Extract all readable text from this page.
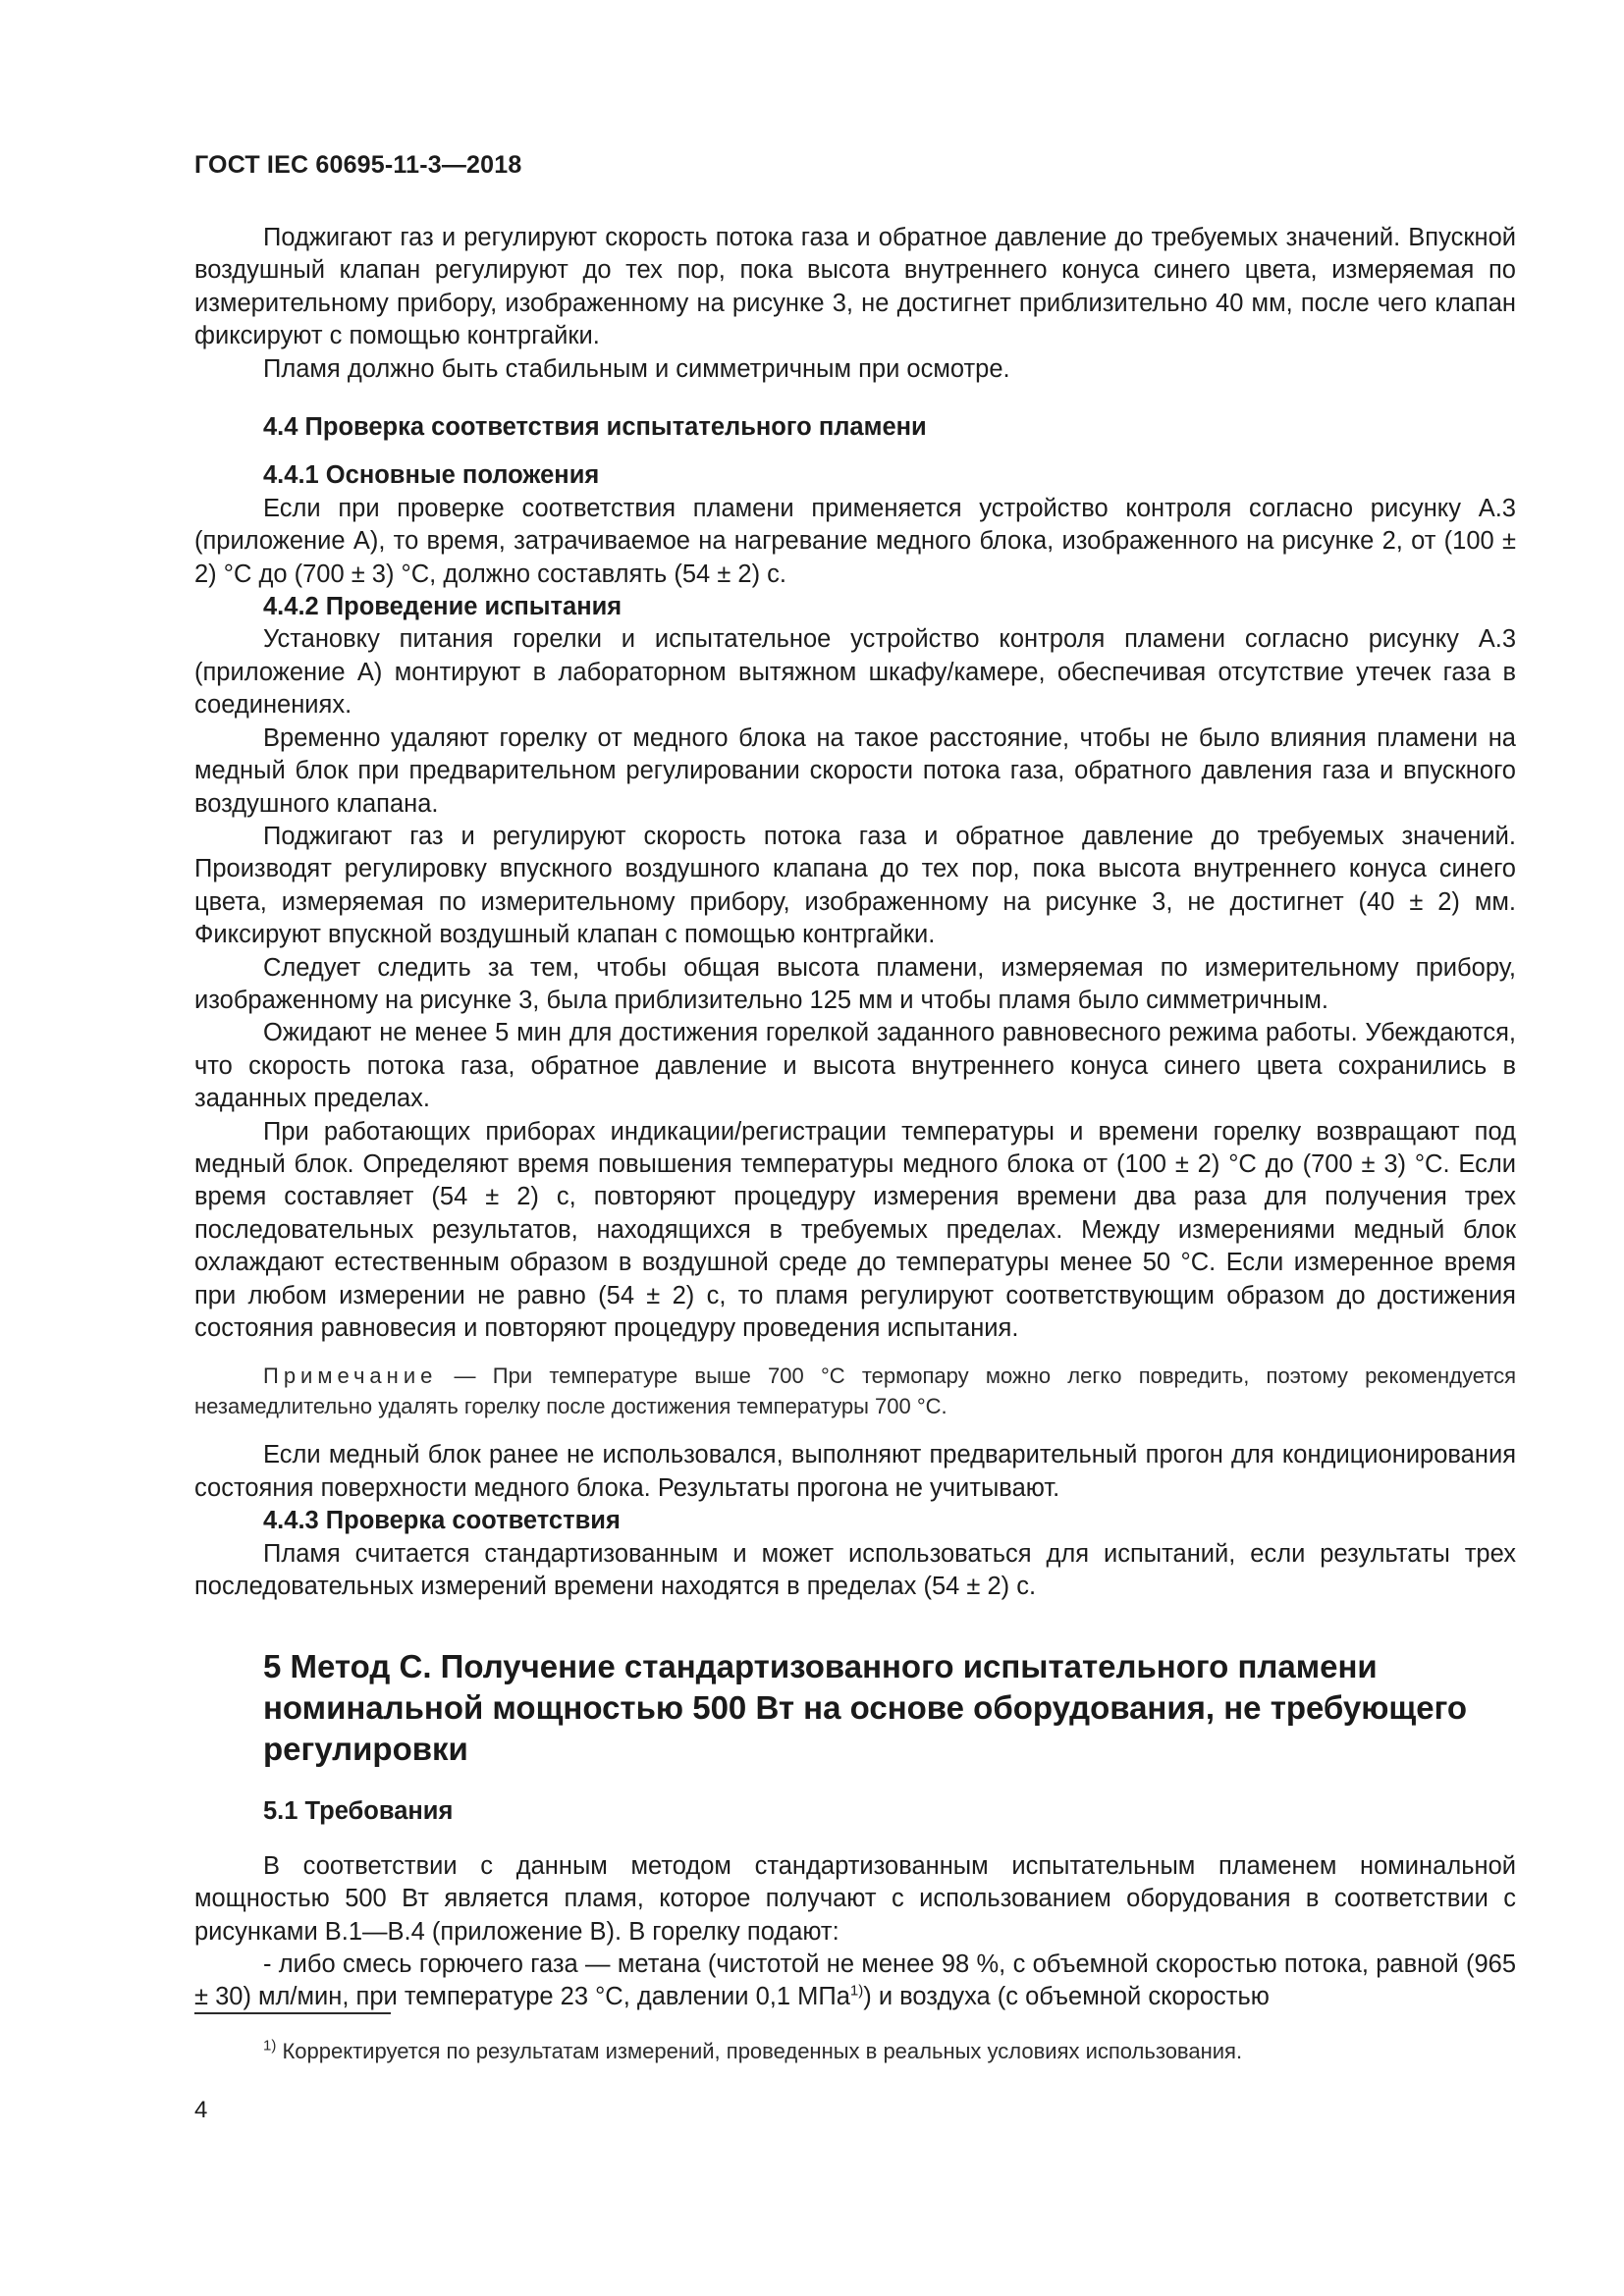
ГОСТ IEC 60695-11-3—2018

Поджигают газ и регулируют скорость потока газа и обратное давление до требуемых значений. Впускной воздушный клапан регулируют до тех пор, пока высота внутреннего конуса синего цвета, измеряемая по измерительному прибору, изображенному на рисунке 3, не достигнет приблизительно 40 мм, после чего клапан фиксируют с помощью контргайки.

Пламя должно быть стабильным и симметричным при осмотре.

4.4 Проверка соответствия испытательного пламени
4.4.1 Основные положения

Если при проверке соответствия пламени применяется устройство контроля согласно рисунку А.3 (приложение А), то время, затрачиваемое на нагревание медного блока, изображенного на рисунке 2, от (100 ± 2) °С до (700 ± 3) °С, должно составлять (54 ± 2) с.

4.4.2 Проведение испытания

Установку питания горелки и испытательное устройство контроля пламени согласно рисунку А.3 (приложение А) монтируют в лабораторном вытяжном шкафу/камере, обеспечивая отсутствие утечек газа в соединениях.

Временно удаляют горелку от медного блока на такое расстояние, чтобы не было влияния пламени на медный блок при предварительном регулировании скорости потока газа, обратного давления газа и впускного воздушного клапана.

Поджигают газ и регулируют скорость потока газа и обратное давление до требуемых значений. Производят регулировку впускного воздушного клапана до тех пор, пока высота внутреннего конуса синего цвета, измеряемая по измерительному прибору, изображенному на рисунке 3, не достигнет (40 ± 2) мм. Фиксируют впускной воздушный клапан с помощью контргайки.

Следует следить за тем, чтобы общая высота пламени, измеряемая по измерительному прибору, изображенному на рисунке 3, была приблизительно 125 мм и чтобы пламя было симметричным.

Ожидают не менее 5 мин для достижения горелкой заданного равновесного режима работы. Убеждаются, что скорость потока газа, обратное давление и высота внутреннего конуса синего цвета сохранились в заданных пределах.

При работающих приборах индикации/регистрации температуры и времени горелку возвращают под медный блок. Определяют время повышения температуры медного блока от (100 ± 2) °С до (700 ± 3) °С. Если время составляет (54 ± 2) с, повторяют процедуру измерения времени два раза для получения трех последовательных результатов, находящихся в требуемых пределах. Между измерениями медный блок охлаждают естественным образом в воздушной среде до температуры менее 50 °С. Если измеренное время при любом измерении не равно (54 ± 2) с, то пламя регулируют соответствующим образом до достижения состояния равновесия и повторяют процедуру проведения испытания.

Примечание — При температуре выше 700 °С термопару можно легко повредить, поэтому рекомендуется незамедлительно удалять горелку после достижения температуры 700 °С.

Если медный блок ранее не использовался, выполняют предварительный прогон для кондиционирования состояния поверхности медного блока. Результаты прогона не учитывают.

4.4.3 Проверка соответствия

Пламя считается стандартизованным и может использоваться для испытаний, если результаты трех последовательных измерений времени находятся в пределах (54 ± 2) с.

5 Метод С. Получение стандартизованного испытательного пламени номинальной мощностью 500 Вт на основе оборудования, не требующего регулировки
5.1 Требования

В соответствии с данным методом стандартизованным испытательным пламенем номинальной мощностью 500 Вт является пламя, которое получают с использованием оборудования в соответствии с рисунками В.1—В.4 (приложение В). В горелку подают:

- либо смесь горючего газа — метана (чистотой не менее 98 %, с объемной скоростью потока, равной (965 ± 30) мл/мин, при температуре 23 °С, давлении 0,1 МПа$^{1)}$) и воздуха (с объемной скоростью

$^{1)}$ Корректируется по результатам измерений, проведенных в реальных условиях использования.
4
